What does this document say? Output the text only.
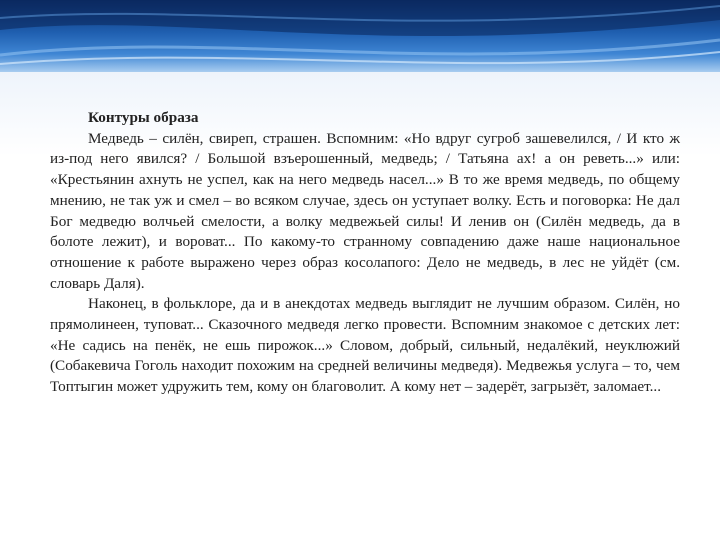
Контуры образа

Медведь – силён, свиреп, страшен. Вспомним: «Но вдруг сугроб зашевелился, / И кто ж из-под него явился? / Большой взъерошенный, медведь; / Татьяна ах! а он реветь...» или: «Крестьянин ахнуть не успел, как на него медведь насел...» В то же время медведь, по общему мнению, не так уж и смел – во всяком случае, здесь он уступает волку. Есть и поговорка: Не дал Бог медведю волчьей смелости, а волку медвежьей силы! И ленив он (Силён медведь, да в болоте лежит), и вороват... По какому-то странному совпадению даже наше национальное отношение к работе выражено через образ косолапого: Дело не медведь, в лес не уйдёт (см. словарь Даля).

Наконец, в фольклоре, да и в анекдотах медведь выглядит не лучшим образом. Силён, но прямолинеен, туповат... Сказочного медведя легко провести. Вспомним знакомое с детских лет: «Не садись на пенёк, не ешь пирожок...» Словом, добрый, сильный, недалёкий, неуклюжий (Собакевича Гоголь находит похожим на средней величины медведя). Медвежья услуга – то, чем Топтыгин может удружить тем, кому он благоволит. А кому нет – задерёт, загрызёт, заломает...
